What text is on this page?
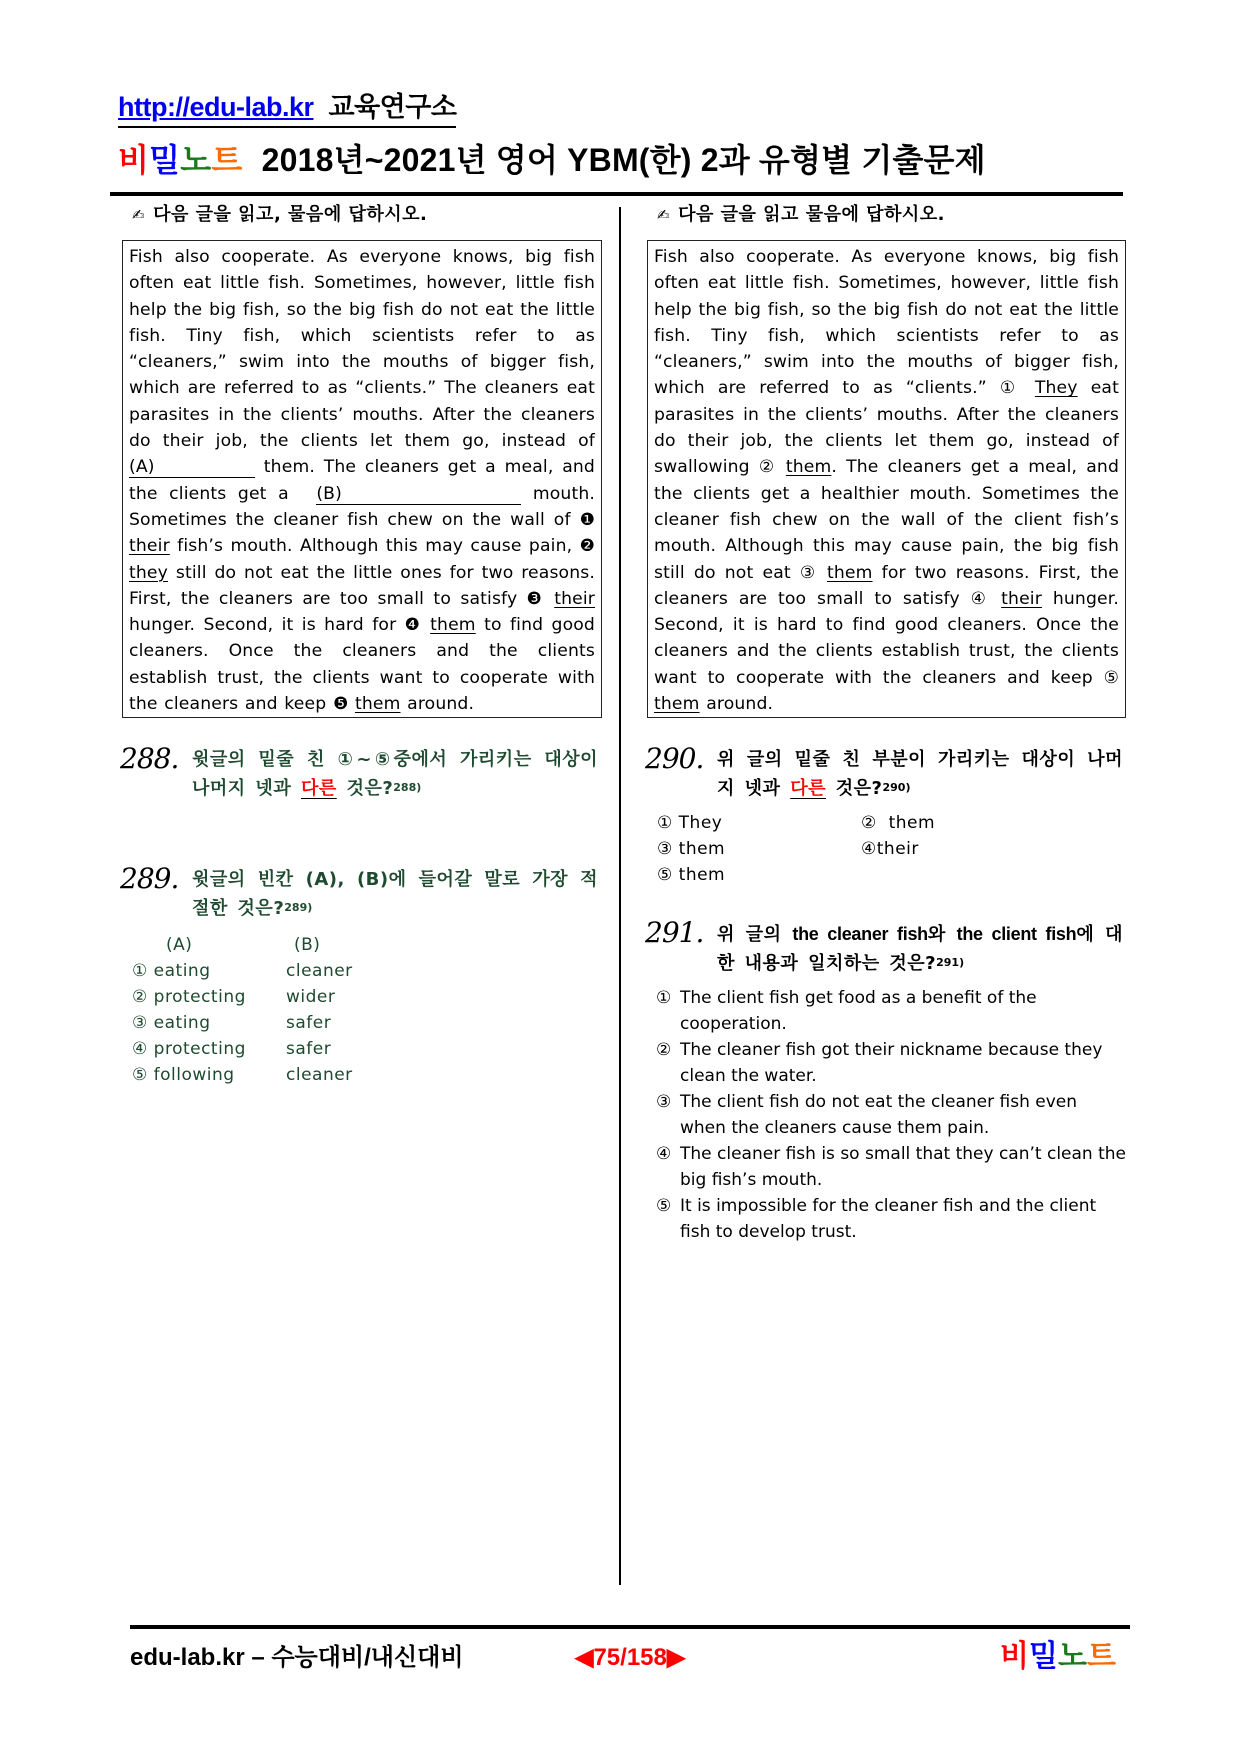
http://edu-lab.kr 교육연구소
비밀노트 2018년~2021년 영어 YBM(한) 2과 유형별 기출문제
✍ 다음 글을 읽고, 물음에 답하시오.
Fish also cooperate. As everyone knows, big fish often eat little fish. Sometimes, however, little fish help the big fish, so the big fish do not eat the little fish. Tiny fish, which scientists refer to as “cleaners,” swim into the mouths of bigger fish, which are referred to as “clients.” The cleaners eat parasites in the clients’ mouths. After the cleaners do their job, the clients let them go, instead of (A)	them. The cleaners get a meal, and the clients get a (B)	mouth. Sometimes the cleaner fish chew on the wall of ❶ their fish’s mouth. Although this may cause pain, ❷ they still do not eat the little ones for two reasons. First, the cleaners are too small to satisfy ❸ their hunger. Second, it is hard for ❹ them to find good cleaners. Once the cleaners and the clients establish trust, the clients want to cooperate with the cleaners and keep ❺ them around.
288. 윗글의 밑줄 친 ①~⑤중에서 가리키는 대상이 나머지 넷과 다른 것은?$^{288)}$
289. 윗글의 빈칸 (A), (B)에 들어갈 말로 가장 적절한 것은?$^{289)}$
(A)	(B)
① eating	cleaner
② protecting wider
③ eating	safer
④ protecting safer
⑤ following	cleaner
✍ 다음 글을 읽고 물음에 답하시오.
Fish also cooperate. As everyone knows, big fish often eat little fish. Sometimes, however, little fish help the big fish, so the big fish do not eat the little fish. Tiny fish, which scientists refer to as “cleaners,” swim into the mouths of bigger fish, which are referred to as “clients.” ① They eat parasites in the clients’ mouths. After the cleaners do their job, the clients let them go, instead of swallowing ② them. The cleaners get a meal, and the clients get a healthier mouth. Sometimes the cleaner fish chew on the wall of the client fish’s mouth. Although this may cause pain, the big fish still do not eat ③ them for two reasons. First, the cleaners are too small to satisfy ④ their hunger. Second, it is hard to find good cleaners. Once the cleaners and the clients establish trust, the clients want to cooperate with the cleaners and keep ⑤ them around.
290. 위 글의 밑줄 친 부분이 가리키는 대상이 나머지 넷과 다른 것은?$^{290)}$
① They	② them
③ them	④their
⑤ them
291. 위 글의 the cleaner fish와 the client fish에 대한 내용과 일치하는 것은?$^{291)}$
① The client fish get food as a benefit of the cooperation.
② The cleaner fish got their nickname because they clean the water.
③ The client fish do not eat the cleaner fish even when the cleaners cause them pain.
④ The cleaner fish is so small that they can’t clean the big fish’s mouth.
⑤ It is impossible for the cleaner fish and the client fish to develop trust.
edu-lab.kr – 수능대비/내신대비	◀75/158▶	비밀노트
